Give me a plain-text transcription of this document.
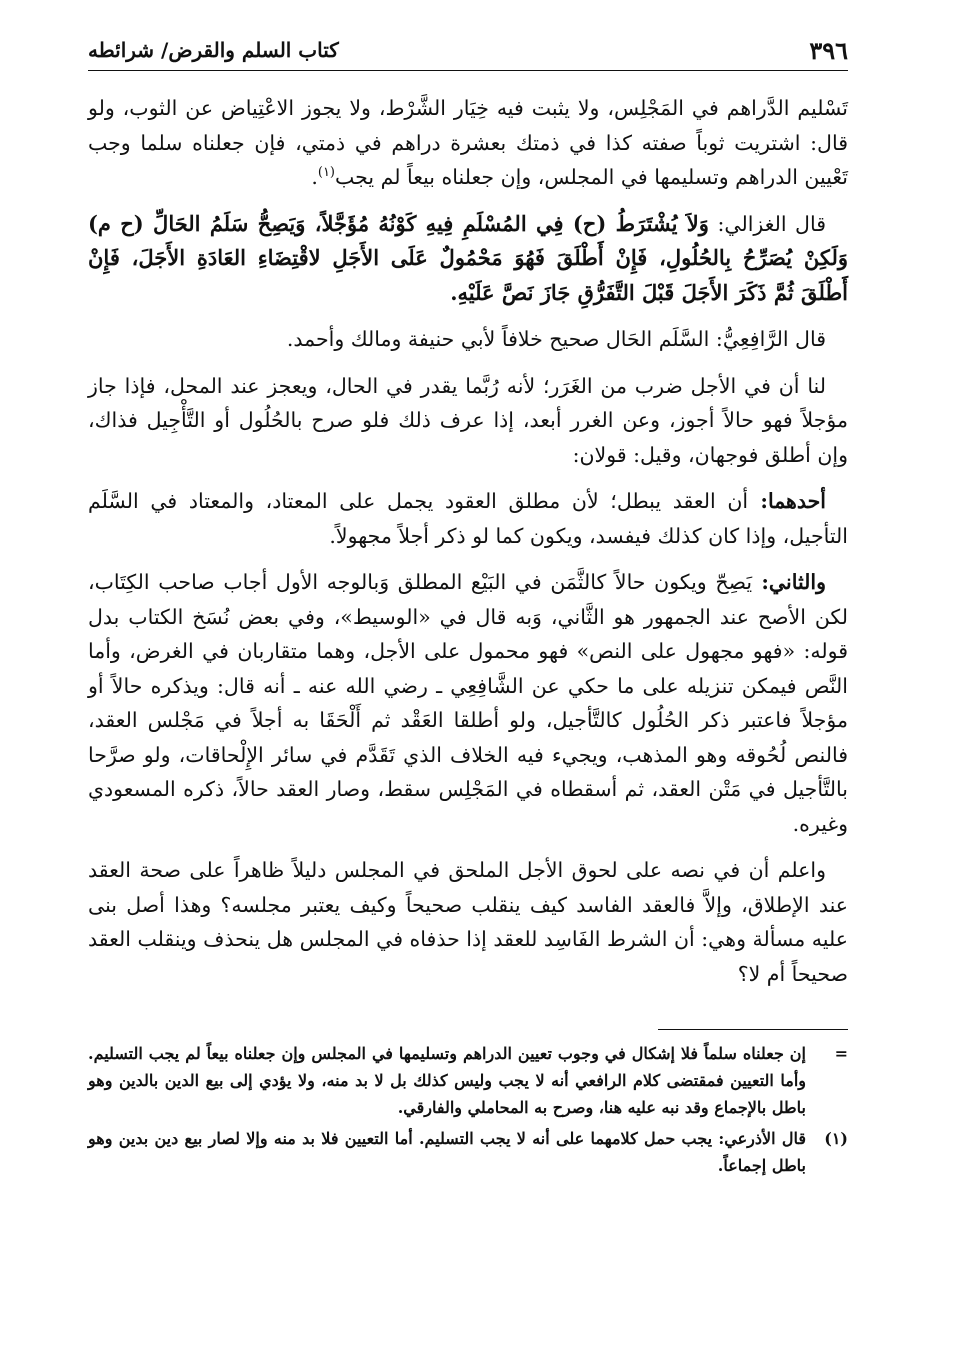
٣٩٦
كتاب السلم والقرض/ شرائطه

تَسْليم الدَّراهم في المَجْلِس، ولا يثبت فيه خِيَار الشَّرْط، ولا يجوز الاعْتِياض عن الثوب، ولو قال: اشتريت ثوباً صفته كذا في ذمتك بعشرة دراهم في ذمتي، فإن جعلناه سلما وجب تَعْيين الدراهم وتسليمها في المجلس، وإن جعلناه بيعاً لم يجب$^{(١)}$.

قال الغزالي: وَلاَ يُشْتَرَطُ (ح) فِي المُسْلَمِ فِيهِ كَوْنُهُ مُؤَجَّلاً، وَيَصِحُّ سَلَمُ الحَالِّ (ح م) وَلَكِنْ يُصَرِّحُ بِالحُلُولِ، فَإِنْ أَطْلَقَ فَهُوَ مَحْمُولٌ عَلَى الأَجَلِ لاقْتِضَاءِ العَادَةِ الأَجَلَ، فَإِنْ أَطْلَقَ ثُمَّ ذَكَرَ الأَجَلَ قَبْلَ التَّفَرُّقِ جَازَ نَصَّ عَلَيْهِ.

قال الرَّافِعِيُّ: السَّلَم الحَال صحيح خلافاً لأبي حنيفة ومالك وأحمد.

لنا أن في الأجل ضرب من الغَرَر؛ لأنه رُبَّما يقدر في الحال، ويعجز عند المحل، فإذا جاز مؤجلاً فهو حالاً أجوز، وعن الغرر أبعد، إذا عرف ذلك فلو صرح بالحُلُول أو التَّأْجِيل فذاك، وإن أطلق فوجهان، وقيل: قولان:

أحدهما: أن العقد يبطل؛ لأن مطلق العقود يجمل على المعتاد، والمعتاد في السَّلَم التأجيل، وإذا كان كذلك فيفسد، ويكون كما لو ذكر أجلاً مجهولاً.

والثاني: يَصِحّ ويكون حالاً كالثَّمَن في البَيْع المطلق وَبالوجه الأول أجاب صاحب الكِتَاب، لكن الأصح عند الجمهور هو الثَّاني، وَبه قال في «الوسيط»، وفي بعض نُسَخ الكتاب بدل قوله: «فهو مجهول على النص» فهو محمول على الأجل، وهما متقاربان في الغرض، وأما النَّص فيمكن تنزيله على ما حكي عن الشَّافِعِي ـ رضي الله عنه ـ أنه قال: ويذكره حالاً أو مؤجلاً فاعتبر ذكر الحُلُول كالتَّأجيل، ولو أطلقا العَقْد ثم أَلْحَقَا به أجلاً في مَجْلس العقد، فالنص لُحُوقه وهو المذهب، ويجيء فيه الخلاف الذي تَقَدَّم في سائر الإِلْحاقات، ولو صرَّحا بالتَّأجيل في مَتْن العقد، ثم أسقطاه في المَجْلِس سقط، وصار العقد حالاً، ذكره المسعودي وغيره.

واعلم أن في نصه على لحوق الأجل الملحق في المجلس دليلاً ظاهراً على صحة العقد عند الإطلاق، وإلاَّ فالعقد الفاسد كيف ينقلب صحيحاً وكيف يعتبر مجلسه؟ وهذا أصل بنى عليه مسألة وهي: أن الشرط الفَاسِد للعقد إذا حذفاه في المجلس هل ينحذف وينقلب العقد صحيحاً أم لا؟

=
إن جعلناه سلماً فلا إشكال في وجوب تعيين الدراهم وتسليمها في المجلس وإن جعلناه بيعاً لم يجب التسليم. وأما التعيين فمقتضى كلام الرافعي أنه لا يجب وليس كذلك بل لا بد منه، ولا يؤدي إلى بيع الدين بالدين وهو باطل بالإجماع وقد نبه عليه هنا، وصرح به المحاملي والفارقي.
(١)
قال الأذرعي: يجب حمل كلامهما على أنه لا يجب التسليم. أما التعيين فلا بد منه وإلا لصار بيع دين بدين وهو باطل إجماعاً.
